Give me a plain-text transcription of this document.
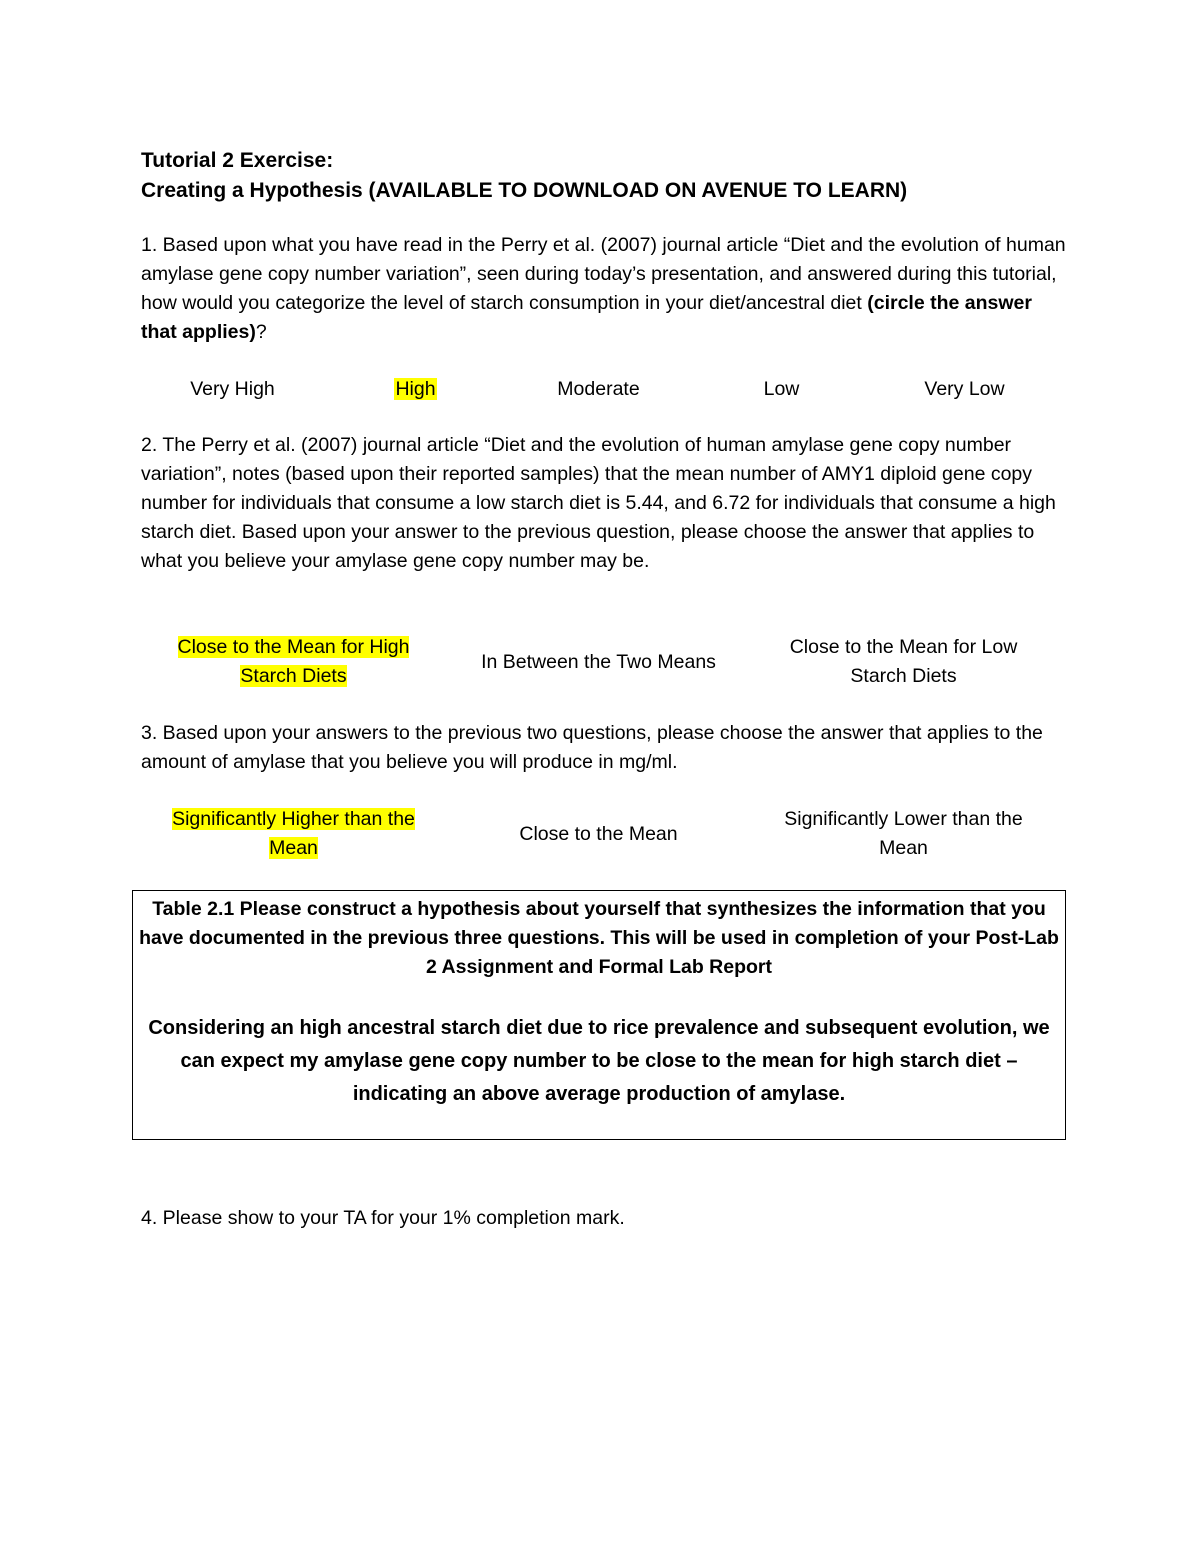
Tutorial 2 Exercise:
Creating a Hypothesis (AVAILABLE TO DOWNLOAD ON AVENUE TO LEARN)
1. Based upon what you have read in the Perry et al. (2007) journal article “Diet and the evolution of human amylase gene copy number variation”, seen during today’s presentation, and answered during this tutorial, how would you categorize the level of starch consumption in your diet/ancestral diet (circle the answer that applies)?
Very High	High	Moderate	Low	Very Low
2. The Perry et al. (2007) journal article “Diet and the evolution of human amylase gene copy number variation”, notes (based upon their reported samples) that the mean number of AMY1 diploid gene copy number for individuals that consume a low starch diet is 5.44, and 6.72 for individuals that consume a high starch diet. Based upon your answer to the previous question, please choose the answer that applies to what you believe your amylase gene copy number may be.
Close to the Mean for High Starch Diets
In Between the Two Means
Close to the Mean for Low Starch Diets
3. Based upon your answers to the previous two questions, please choose the answer that applies to the amount of amylase that you believe you will produce in mg/ml.
Significantly Higher than the Mean
Close to the Mean
Significantly Lower than the Mean
Table 2.1 Please construct a hypothesis about yourself that synthesizes the information that you have documented in the previous three questions. This will be used in completion of your Post-Lab 2 Assignment and Formal Lab Report
Considering an high ancestral starch diet due to rice prevalence and subsequent evolution, we can expect my amylase gene copy number to be close to the mean for high starch diet – indicating an above average production of amylase.
4. Please show to your TA for your 1% completion mark.
